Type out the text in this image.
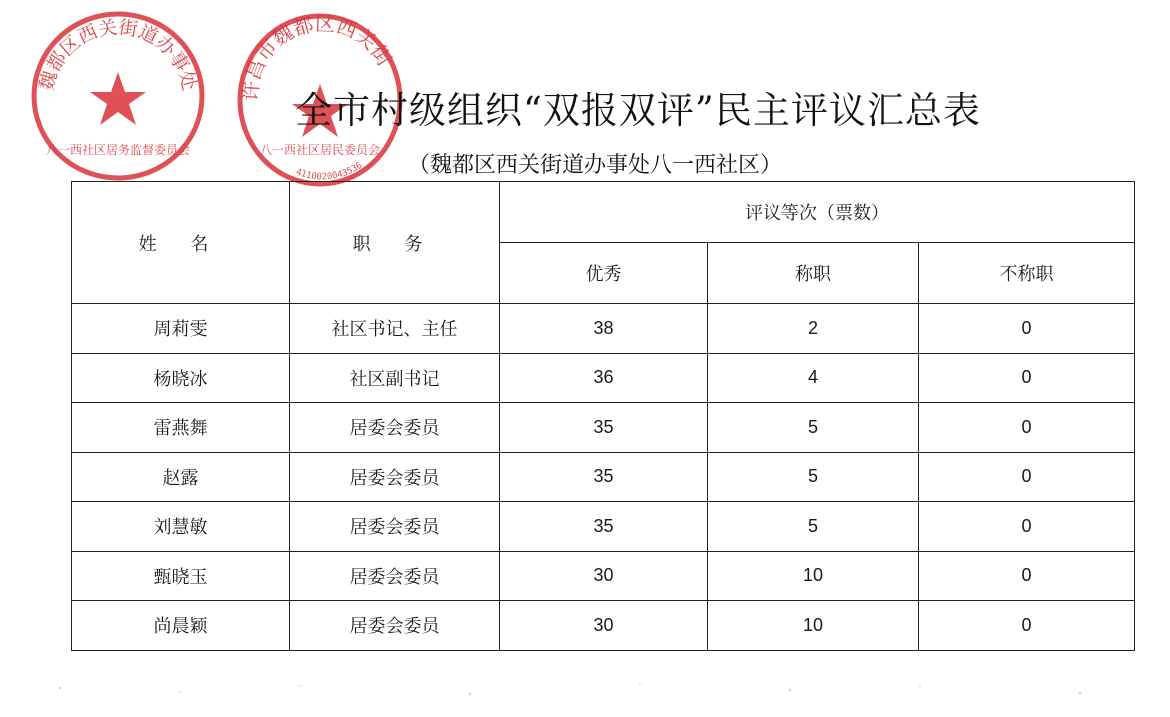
魏都区西关街道办事处
八一西社区居务监督委员会
许昌市魏都区西关街
八一西社区居民委员会
4110020043536
全市村级组织“双报双评”民主评议汇总表
（魏都区西关街道办事处八一西社区）
姓 名	职 务	评议等次（票数）		
		优秀	称职	不称职
周莉雯	社区书记、主任	38	2	0
杨晓冰	社区副书记	36	4	0
雷燕舞	居委会委员	35	5	0
赵露	居委会委员	35	5	0
刘慧敏	居委会委员	35	5	0
甄晓玉	居委会委员	30	10	0
尚晨颖	居委会委员	30	10	0
